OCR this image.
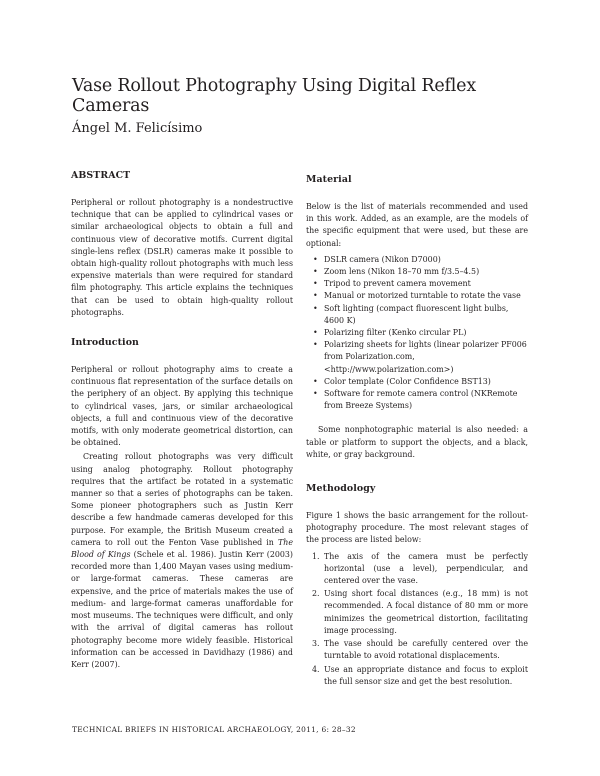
Vase Rollout Photography Using Digital Reflex Cameras
Ángel M. Felicísimo
ABSTRACT

Peripheral or rollout photography is a nondestructive technique that can be applied to cylindrical vases or similar archaeological objects to obtain a full and continuous view of decorative motifs. Current digital single-lens reflex (DSLR) cameras make it possible to obtain high-quality rollout photographs with much less expensive materials than were required for standard film photography. This article explains the techniques that can be used to obtain high-quality rollout photographs.

Introduction

Peripheral or rollout photography aims to create a continuous flat representation of the surface details on the periphery of an object. By applying this technique to cylindrical vases, jars, or similar archaeological objects, a full and continuous view of the decorative motifs, with only moderate geometrical distortion, can be obtained.

Creating rollout photographs was very difficult using analog photography. Rollout photography requires that the artifact be rotated in a systematic manner so that a series of photographs can be taken. Some pioneer photographers such as Justin Kerr describe a few handmade cameras developed for this purpose. For example, the British Museum created a camera to roll out the Fenton Vase published in The Blood of Kings (Schele et al. 1986). Justin Kerr (2003) recorded more than 1,400 Mayan vases using medium- or large-format cameras. These cameras are expensive, and the price of materials makes the use of medium- and large-format cameras unaffordable for most museums. The techniques were difficult, and only with the arrival of digital cameras has rollout photography become more widely feasible. Historical information can be accessed in Davidhazy (1986) and Kerr (2007).

Material

Below is the list of materials recommended and used in this work. Added, as an example, are the models of the specific equipment that were used, but these are optional:

• DSLR camera (Nikon D7000)
• Zoom lens (Nikon 18–70 mm f/3.5–4.5)
• Tripod to prevent camera movement
• Manual or motorized turntable to rotate the vase
• Soft lighting (compact fluorescent light bulbs, 4600 K)
• Polarizing filter (Kenko circular PL)
• Polarizing sheets for lights (linear polarizer PF006 from Polarization.com, <http://www.polarization.com>)
• Color template (Color Confidence BST13)
• Software for remote camera control (NKRemote from Breeze Systems)

Some nonphotographic material is also needed: a table or platform to support the objects, and a black, white, or gray background.

Methodology

Figure 1 shows the basic arrangement for the rollout-photography procedure. The most relevant stages of the process are listed below:

1. The axis of the camera must be perfectly horizontal (use a level), perpendicular, and centered over the vase.
2. Using short focal distances (e.g., 18 mm) is not recommended. A focal distance of 80 mm or more minimizes the geometrical distortion, facilitating image processing.
3. The vase should be carefully centered over the turntable to avoid rotational displacements.
4. Use an appropriate distance and focus to exploit the full sensor size and get the best resolution.
TECHNICAL BRIEFS IN HISTORICAL ARCHAEOLOGY, 2011, 6: 28–32
